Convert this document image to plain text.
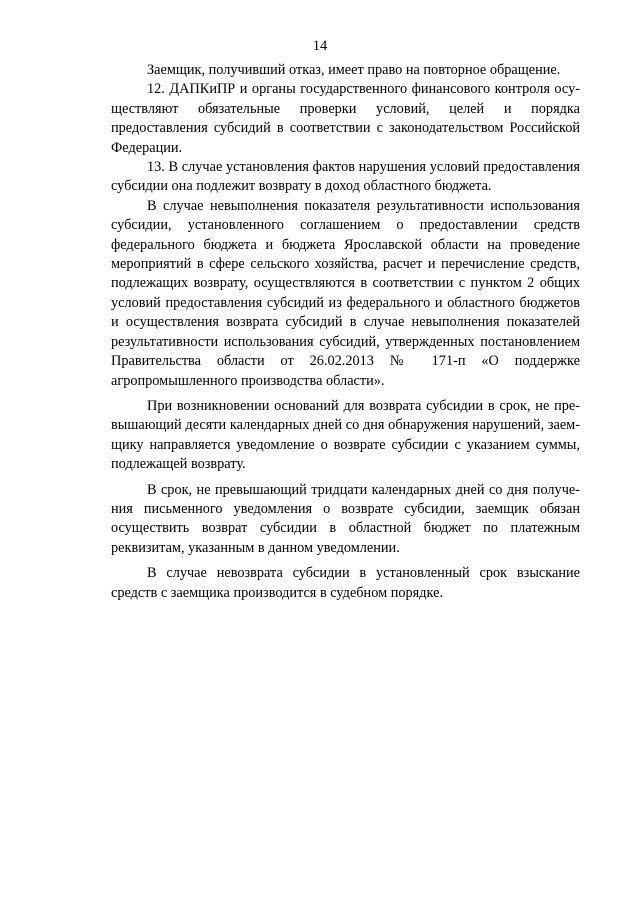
14

Заемщик, получивший отказ, имеет право на повторное обращение.

12. ДАПКиПР и органы государственного финансового контроля осуществляют обязательные проверки условий, целей и порядка предоставления субсидий в соответствии с законодательством Российской Федерации.

13. В случае установления фактов нарушения условий предоставления субсидии она подлежит возврату в доход областного бюджета.

В случае невыполнения показателя результативности использования субсидии, установленного соглашением о предоставлении средств федерального бюджета и бюджета Ярославской области на проведение мероприятий в сфере сельского хозяйства, расчет и перечисление средств, подлежащих возврату, осуществляются в соответствии с пунктом 2 общих условий предоставления субсидий из федерального и областного бюджетов и осуществления возврата субсидий в случае невыполнения показателей результативности использования субсидий, утвержденных постановлением Правительства области от 26.02.2013 № 171-п «О поддержке агропромышленного производства области».

При возникновении оснований для возврата субсидии в срок, не превышающий десяти календарных дней со дня обнаружения нарушений, заемщику направляется уведомление о возврате субсидии с указанием суммы, подлежащей возврату.

В срок, не превышающий тридцати календарных дней со дня получения письменного уведомления о возврате субсидии, заемщик обязан осуществить возврат субсидии в областной бюджет по платежным реквизитам, указанным в данном уведомлении.

В случае невозврата субсидии в установленный срок взыскание средств с заемщика производится в судебном порядке.
